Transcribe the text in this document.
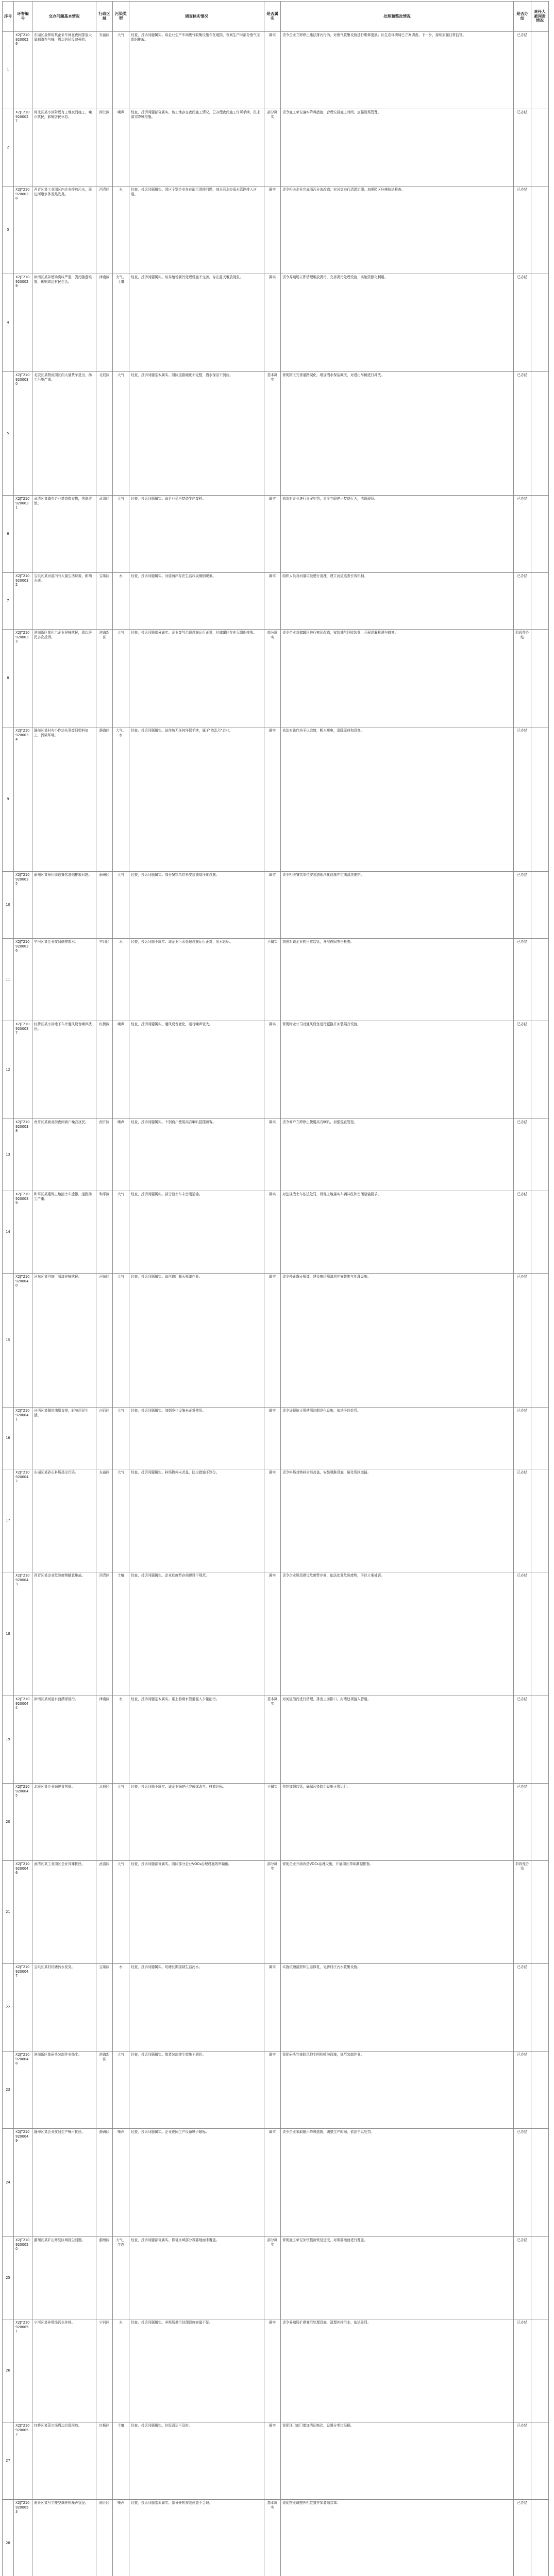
序号	环督编号	交办问题基本情况	行政区域	污染类型	调查核实情况	是否属实	处理和整改情况	是否办结	责任人被问责情况
1	X2JT2109200026	东丽区金钟街某企业车间在夜间排放大量刺激性气味，周边居民反映强烈。	东丽区	大气	经查，投诉问题属实。该企业生产车间废气收集设施存在破损，夜间生产时部分废气无组织排放。	属实	责令企业立即停止违法排污行为，对废气收集设施进行维修更换；区生态环境局已立案调查。下一步，持续加强日常监管。	已办结	
2	X2JT2109200027	河北区某小区附近有工地夜间施工，噪声扰民，影响居民休息。	河北区	噪声	经查，投诉问题部分属实。该工地存在夜间施工情况，已办理夜间施工许可手续，但未落实降噪措施。	部分属实	责令施工单位落实降噪措施，合理安排施工时间，加强现场管理。	已办结	
3	X2JT2109200028	西青区某工业园区内企业排放污水，周边河道水体发黑发臭。	西青区	水	经查，投诉问题属实。园区个别企业存在雨污混排问题，部分污水经雨水管网排入河道。	属实	责令相关企业完成雨污分流改造；对河道进行清淤治理；加强园区环境执法检查。	已办结	
4	X2JT2109200029	津南区某养殖场臭味严重，粪污随意堆放，影响周边村民生活。	津南区	大气、土壤	经查，投诉问题属实。该养殖场粪污处理设施不完善，存在露天堆放现象。	属实	责令养殖场立即清理堆放粪污，完善粪污处理设施，实施资源化利用。	已办结	
5	X2JT2109200030	北辰区某物流园区内大量货车进出，扬尘污染严重。	北辰区	大气	经查，投诉问题基本属实。园区道路硬化不完整，洒水保洁不到位。	基本属实	督促园区完善道路硬化，增加洒水保洁频次，对进出车辆进行冲洗。	已办结	
6	X2JT2109200031	武清区某镇有企业焚烧废弃物，黑烟滚滚。	武清区	大气	经查，投诉问题属实。该企业私自焚烧生产废料。	属实	依法对企业进行立案处罚，责令立即停止焚烧行为，清理现场。	已办结	
7	X2JT2109200032	宝坻区某河道内有大量生活垃圾，影响水质。	宝坻区	水	经查，投诉问题属实。河道两岸存在生活垃圾倾倒现象。	属实	组织人员对河道垃圾进行清理，建立河道巡查长效机制。	已办结	
8	X2JT2109200033	滨海新区某化工企业异味扰民，周边居民多次投诉。	滨海新区	大气	经查，投诉问题部分属实。企业废气治理设施运行正常，但储罐区存在无组织排放。	部分属实	责令企业对储罐区进行密闭改造，安装油气回收装置，开展泄漏检测与修复。	阶段性办结	
9	X2JT2109200034	静海区某村有小作坊从事废旧塑料加工，污染环境。	静海区	大气、水	经查，投诉问题属实。该作坊无任何环保手续，属于"散乱污"企业。	属实	依法对该作坊予以取缔，断水断电，清除原料和设备。	已办结	
10	X2JT2109200035	蓟州区某景区周边餐饮油烟排放问题。	蓟州区	大气	经查，投诉问题属实。部分餐饮单位未安装油烟净化设施。	属实	责令相关餐饮单位安装油烟净化设施并定期清洗维护。	已办结	
11	X2JT2109200036	宁河区某企业夜间偷排废水。	宁河区	水	经查，投诉问题不属实。该企业污水处理设施运行正常，出水达标。	不属实	加强对该企业的日常监管，开展夜间突击检查。	已办结	
12	X2JT2109200037	红桥区某小区地下车库通风设备噪声扰民。	红桥区	噪声	经查，投诉问题属实。通风设备老化，运行噪声较大。	属实	督促物业公司对通风设备进行更换并加装隔音设施。	已办结	
13	X2JT2109200038	南开区某商业街夜间商户噪音扰民。	南开区	噪声	经查，投诉问题属实。个别商户使用高音喇叭招揽顾客。	属实	责令商户立即停止使用高音喇叭，加强巡查管控。	已办结	
14	X2JT2109200039	和平区某建筑工地渣土车遗撒，道路扬尘严重。	和平区	大气	经查，投诉问题属实。部分渣土车未密闭运输。	属实	对违规渣土车依法处罚，督促工地落实车辆冲洗和密闭运输要求。	已办结	
15	X2JT2109200040	河东区某汽修厂喷漆异味扰民。	河东区	大气	经查，投诉问题属实。该汽修厂露天喷漆作业。	属实	责令停止露天喷漆，建设密闭喷漆房并安装废气处理设施。	已办结	
16	X2JT2109200041	河西区某餐馆油烟直排，影响居民生活。	河西区	大气	经查，投诉问题属实。油烟净化设施未正常使用。	属实	责令该餐馆正常使用油烟净化设施，依法予以处罚。	已办结	
17	X2JT2109200042	东丽区某砂石料场扬尘污染。	东丽区	大气	经查，投诉问题属实。料场物料未苫盖，防尘措施不到位。	属实	责令料场对物料全部苫盖，安装喷淋设施，硬化场区道路。	已办结	
18	X2JT2109200043	西青区某企业危险废物随意堆放。	西青区	土壤	经查，投诉问题属实。企业危废暂存间建设不规范。	属实	责令企业规范建设危废暂存间，依法处置危险废物，予以立案处罚。	已办结	
19	X2JT2109200044	津南区某河道水面漂浮油污。	津南区	水	经查，投诉问题基本属实。系上游雨水管道混入少量油污。	基本属实	对河道油污进行清理，排查上游排口，封堵违规接入管道。	已办结	
20	X2JT2109200045	北辰区某企业锅炉冒黑烟。	北辰区	大气	经查，投诉问题不属实。该企业锅炉已完成煤改气，排放达标。	不属实	持续加强监管，确保污染防治设施正常运行。	已办结	
21	X2JT2109200046	武清区某工业园区企业异味扰民。	武清区	大气	经查，投诉问题部分属实。园区部分企业VOCs治理设施效率偏低。	部分属实	督促企业升级改造VOCs治理设施，开展园区异味溯源排查。	阶段性办结	
22	X2JT2109200047	宝坻区某村坑塘污水发臭。	宝坻区	水	经查，投诉问题属实。坑塘长期接纳生活污水。	属实	实施坑塘清淤和生态修复，完善村庄污水收集设施。	已办结	
23	X2JT2109200048	滨海新区某码头装卸作业扬尘。	滨海新区	大气	经查，投诉问题属实。散货装卸抑尘措施不到位。	属实	督促码头完善防风抑尘网和喷淋设施，规范装卸作业。	已办结	
24	X2JT2109200049	静海区某企业夜间生产噪声扰民。	静海区	噪声	经查，投诉问题属实。企业夜间生产设备噪声超标。	属实	责令企业采取隔声降噪措施，调整生产时间，依法予以处罚。	已办结	
25	X2JT2109200050	蓟州区某矿山修复区域扬尘问题。	蓟州区	大气、生态	经查，投诉问题部分属实。修复区域部分裸露地面未覆盖。	部分属实	督促施工单位加快植被恢复进度，对裸露地面进行覆盖。	已办结	
26	X2JT2109200051	宁河区某养殖场污水外排。	宁河区	水	经查，投诉问题属实。养殖场粪污处理设施容量不足。	属实	责令养殖场扩建粪污处理设施，清理外排污水，依法处罚。	已办结	
27	X2JT2109200052	红桥区某菜市场周边垃圾堆放。	红桥区	土壤	经查，投诉问题属实。垃圾清运不及时。	属实	督促环卫部门增加清运频次，设置分类垃圾桶。	已办结	
28	X2JT2109200053	南开区某写字楼空调外机噪声扰民。	南开区	噪声	经查，投诉问题基本属实。部分外机安装位置不合理。	基本属实	督促物业调整外机位置并加装隔音罩。	已办结	
